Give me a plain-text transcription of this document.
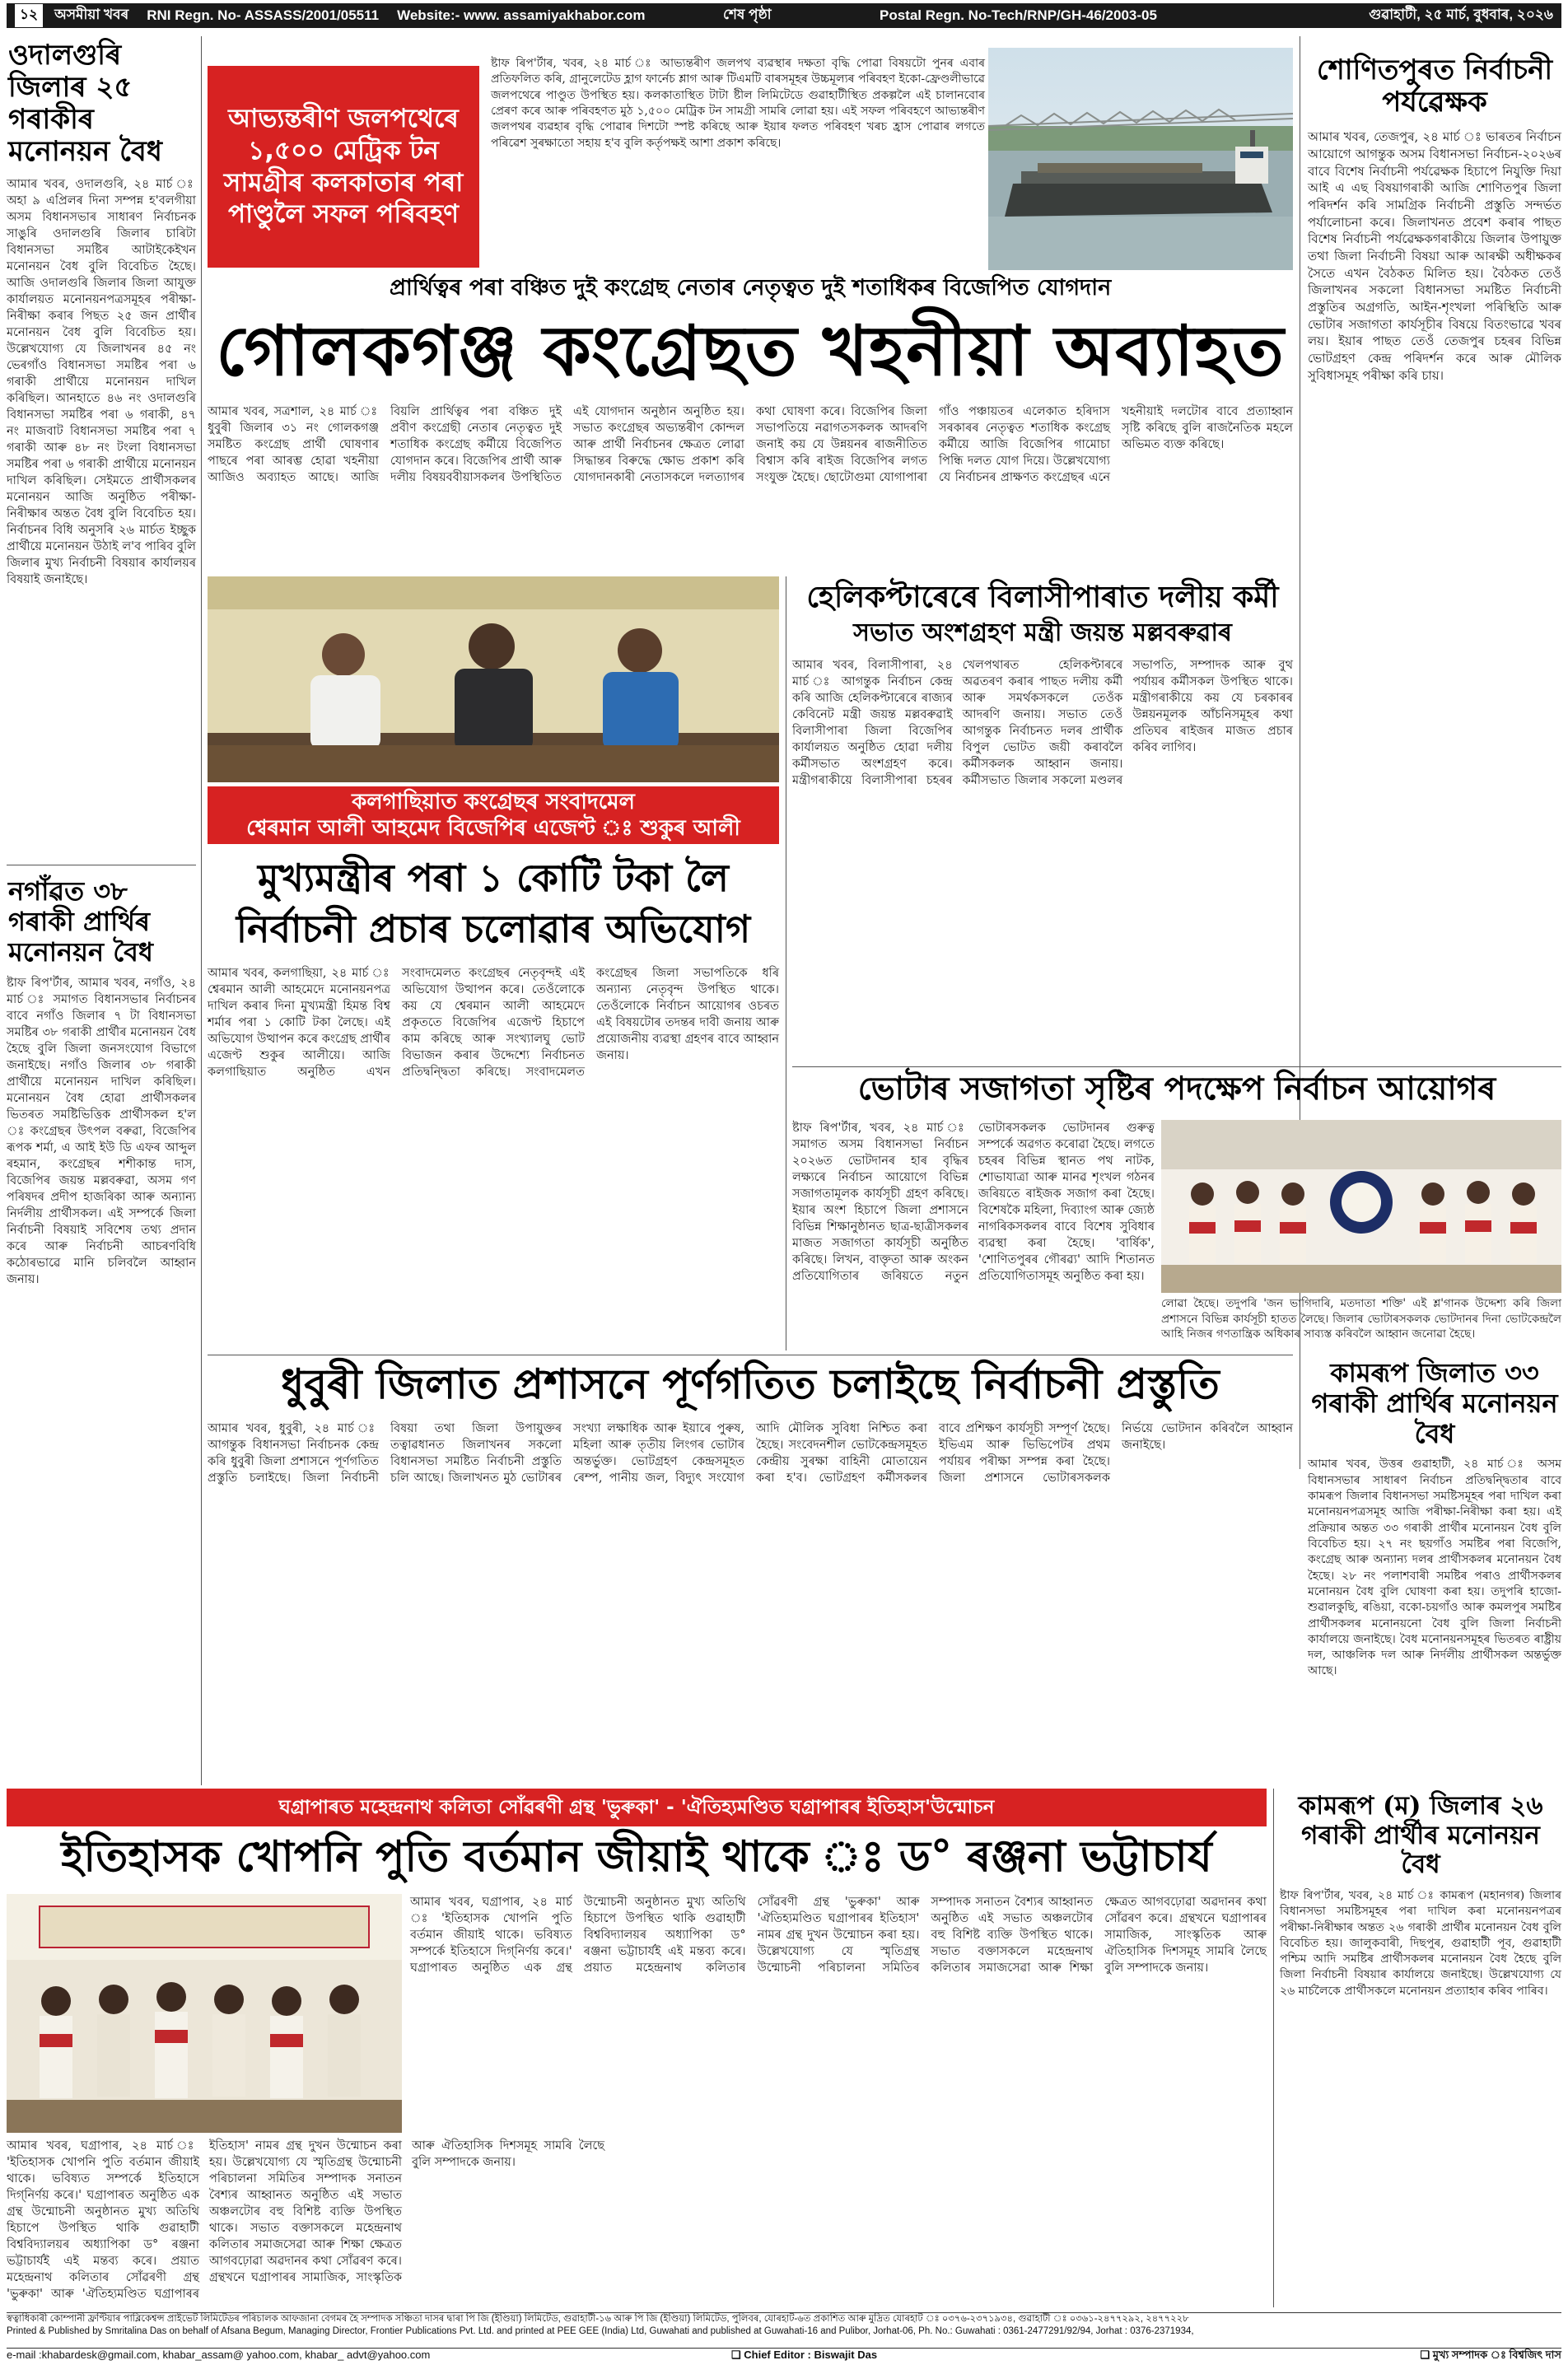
১২	অসমীয়া খবৰ RNI Regn. No- ASSASS/2001/05511 Website:- www. assamiyakhabor.com	শেষ পৃষ্ঠা	Postal Regn. No-Tech/RNP/GH-46/2003-05	গুৱাহাটী, ২৫ মাৰ্চ, বুধবাৰ, ২০২৬
ওদালগুৰি জিলাৰ ২৫ গৰাকীৰ মনোনয়ন বৈধ
আমাৰ খবৰ, ওদালগুৰি, ২৪ মাৰ্চ ঃ অহা ৯ এপ্ৰিলৰ দিনা সম্পন্ন হ'বলগীয়া অসম বিধানসভাৰ সাধাৰণ নিৰ্বাচনক সাঙুৰি ওদালগুৰি জিলাৰ চাৰিটা বিধানসভা সমষ্টিৰ আটাইকেইখন মনোনয়ন বৈধ বুলি বিবেচিত হৈছে। আজি ওদালগুৰি জিলাৰ জিলা আযুক্ত কাৰ্যালয়ত মনোনয়নপত্ৰসমূহৰ পৰীক্ষা-নিৰীক্ষা কৰাৰ পিছত ২৫ জন প্ৰাৰ্থীৰ মনোনয়ন বৈধ বুলি বিবেচিত হয়। উল্লেখযোগ্য যে জিলাখনৰ ৪৫ নং ভেৰগাঁও বিধানসভা সমষ্টিৰ পৰা ৬ গৰাকী প্ৰাৰ্থীয়ে মনোনয়ন দাখিল কৰিছিল। আনহাতে ৪৬ নং ওদালগুৰি বিধানসভা সমষ্টিৰ পৰা ৬ গৰাকী, ৪৭ নং মাজবাট বিধানসভা সমষ্টিৰ পৰা ৭ গৰাকী আৰু ৪৮ নং টংলা বিধানসভা সমষ্টিৰ পৰা ৬ গৰাকী প্ৰাৰ্থীয়ে মনোনয়ন দাখিল কৰিছিল। সেইমতে প্ৰাৰ্থীসকলৰ মনোনয়ন আজি অনুষ্ঠিত পৰীক্ষা-নিৰীক্ষাৰ অন্তত বৈধ বুলি বিবেচিত হয়। নিৰ্বাচনৰ বিধি অনুসৰি ২৬ মাৰ্চত ইচ্ছুক প্ৰাৰ্থীয়ে মনোনয়ন উঠাই ল'ব পাৰিব বুলি জিলাৰ মুখ্য নিৰ্বাচনী বিষয়াৰ কাৰ্যালয়ৰ বিষয়াই জনাইছে।
নগাঁৱত ৩৮ গৰাকী প্ৰাৰ্থিৰ মনোনয়ন বৈধ
ষ্টাফ ৰিপ'ৰ্টাৰ, আমাৰ খবৰ, নগাঁও, ২৪ মাৰ্চ ঃ সমাগত বিধানসভাৰ নিৰ্বাচনৰ বাবে নগাঁও জিলাৰ ৭ টা বিধানসভা সমষ্টিৰ ৩৮ গৰাকী প্ৰাৰ্থীৰ মনোনয়ন বৈধ হৈছে বুলি জিলা জনসংযোগ বিভাগে জনাইছে। নগাঁও জিলাৰ ৩৮ গৰাকী প্ৰাৰ্থীয়ে মনোনয়ন দাখিল কৰিছিল। মনোনয়ন বৈধ হোৱা প্ৰাৰ্থীসকলৰ ভিতৰত সমষ্টিভিত্তিক প্ৰাৰ্থীসকল হ'ল ঃ কংগ্ৰেছৰ উৎপল বৰুৱা, বিজেপিৰ ৰূপক শৰ্মা, এ আই ইউ ডি এফৰ আব্দুল ৰহমান, কংগ্ৰেছৰ শশীকান্ত দাস, বিজেপিৰ জয়ন্ত মল্লবৰুৱা, অসম গণ পৰিষদৰ প্ৰদীপ হাজৰিকা আৰু অন্যান্য নিৰ্দলীয় প্ৰাৰ্থীসকল। এই সম্পৰ্কে জিলা নিৰ্বাচনী বিষয়াই সবিশেষ তথ্য প্ৰদান কৰে আৰু নিৰ্বাচনী আচৰণবিধি কঠোৰভাৱে মানি চলিবলৈ আহ্বান জনায়।
আভ্যন্তৰীণ জলপথেৰে ১,৫০০ মেট্ৰিক টন সামগ্ৰীৰ কলকাতাৰ পৰা পাণ্ডুলৈ সফল পৰিবহণ
ষ্টাফ ৰিপ'ৰ্টাৰ, খবৰ, ২৪ মাৰ্চ ঃ আভ্যন্তৰীণ জলপথ ব্যৱস্থাৰ দক্ষতা বৃদ্ধি পোৱা বিষয়টো পুনৰ এবাৰ প্ৰতিফলিত কৰি, গ্ৰানুলেটেড হ্লাগ ফাৰ্নেচ শ্লাগ আৰু টিএমটি বাৰসমূহৰ উচ্চমূল্যৰ পৰিবহণ ইকো-ফ্ৰেণ্ডলীভাৱে জলপথেৰে পাণ্ডুত উপস্থিত হয়। কলকাতাস্থিত টাটা ষ্টীল লিমিটেডে গুৱাহাটীস্থিত প্ৰকল্পলৈ এই চালানবোৰ প্ৰেৰণ কৰে আৰু পৰিবহণত মুঠ ১,৫০০ মেট্ৰিক টন সামগ্ৰী সামৰি লোৱা হয়। এই সফল পৰিবহণে আভ্যন্তৰীণ জলপথৰ ব্যৱহাৰ বৃদ্ধি পোৱাৰ দিশটো স্পষ্ট কৰিছে আৰু ইয়াৰ ফলত পৰিবহণ খৰচ হ্ৰাস পোৱাৰ লগতে পৰিৱেশ সুৰক্ষাতো সহায় হ'ব বুলি কৰ্তৃপক্ষই আশা প্ৰকাশ কৰিছে।
শোণিতপুৰত নিৰ্বাচনী পৰ্যৱেক্ষক
আমাৰ খবৰ, তেজপুৰ, ২৪ মাৰ্চ ঃ ভাৰতৰ নিৰ্বাচন আয়োগে আগন্তুক অসম বিধানসভা নিৰ্বাচন-২০২৬ৰ বাবে বিশেষ নিৰ্বাচনী পৰ্যৱেক্ষক হিচাপে নিযুক্তি দিয়া আই এ এছ বিষয়াগৰাকী আজি শোণিতপুৰ জিলা পৰিদৰ্শন কৰি সামগ্ৰিক নিৰ্বাচনী প্ৰস্তুতি সন্দৰ্ভত পৰ্যালোচনা কৰে। জিলাখনত প্ৰবেশ কৰাৰ পাছত বিশেষ নিৰ্বাচনী পৰ্যৱেক্ষকগৰাকীয়ে জিলাৰ উপায়ুক্ত তথা জিলা নিৰ্বাচনী বিষয়া আৰু আৰক্ষী অধীক্ষকৰ সৈতে এখন বৈঠকত মিলিত হয়। বৈঠকত তেওঁ জিলাখনৰ সকলো বিধানসভা সমষ্টিত নিৰ্বাচনী প্ৰস্তুতিৰ অগ্ৰগতি, আইন-শৃংখলা পৰিস্থিতি আৰু ভোটাৰ সজাগতা কাৰ্যসূচীৰ বিষয়ে বিতংভাৱে খবৰ লয়। ইয়াৰ পাছত তেওঁ তেজপুৰ চহৰৰ বিভিন্ন ভোটগ্ৰহণ কেন্দ্ৰ পৰিদৰ্শন কৰে আৰু মৌলিক সুবিধাসমূহ পৰীক্ষা কৰি চায়।
প্ৰাৰ্থিত্বৰ পৰা বঞ্চিত দুই কংগ্ৰেছ নেতাৰ নেতৃত্বত দুই শতাধিকৰ বিজেপিত যোগদান
গোলকগঞ্জ কংগ্ৰেছত খহনীয়া অব্যাহত
আমাৰ খবৰ, সত্ৰশাল, ২৪ মাৰ্চ ঃ ধুবুৰী জিলাৰ ৩১ নং গোলকগঞ্জ সমষ্টিত কংগ্ৰেছ প্ৰাৰ্থী ঘোষণাৰ পাছৰে পৰা আৰম্ভ হোৱা খহনীয়া আজিও অব্যাহত আছে। আজি বিয়লি প্ৰাৰ্থিত্বৰ পৰা বঞ্চিত দুই প্ৰবীণ কংগ্ৰেছী নেতাৰ নেতৃত্বত দুই শতাধিক কংগ্ৰেছ কৰ্মীয়ে বিজেপিত যোগদান কৰে। বিজেপিৰ প্ৰাৰ্থী আৰু দলীয় বিষয়ববীয়াসকলৰ উপস্থিতিত এই যোগদান অনুষ্ঠান অনুষ্ঠিত হয়। সভাত কংগ্ৰেছৰ অভ্যন্তৰীণ কোন্দল আৰু প্ৰাৰ্থী নিৰ্বাচনৰ ক্ষেত্ৰত লোৱা সিদ্ধান্তৰ বিৰুদ্ধে ক্ষোভ প্ৰকাশ কৰি যোগদানকাৰী নেতাসকলে দলত্যাগৰ কথা ঘোষণা কৰে। বিজেপিৰ জিলা সভাপতিয়ে নৱাগতসকলক আদৰণি জনাই কয় যে উন্নয়নৰ ৰাজনীতিত বিশ্বাস কৰি ৰাইজ বিজেপিৰ লগত সংযুক্ত হৈছে। ছোটোগুমা যোগাপাৰা গাঁও পঞ্চায়তৰ এলেকাত হৰিদাস সৰকাৰৰ নেতৃত্বত শতাধিক কংগ্ৰেছ কৰ্মীয়ে আজি বিজেপিৰ গামোচা পিন্ধি দলত যোগ দিয়ে। উল্লেখযোগ্য যে নিৰ্বাচনৰ প্ৰাক্ষণত কংগ্ৰেছৰ এনে খহনীয়াই দলটোৰ বাবে প্ৰত্যাহ্বান সৃষ্টি কৰিছে বুলি ৰাজনৈতিক মহলে অভিমত ব্যক্ত কৰিছে।
কলগাছিয়াত কংগ্ৰেছৰ সংবাদমেল
শ্বেৰমান আলী আহমেদ বিজেপিৰ এজেণ্ট ঃ শুকুৰ আলী
মুখ্যমন্ত্ৰীৰ পৰা ১ কোটি টকা লৈ
নিৰ্বাচনী প্ৰচাৰ চলোৱাৰ অভিযোগ
আমাৰ খবৰ, কলগাছিয়া, ২৪ মাৰ্চ ঃ শ্বেৰমান আলী আহমেদে মনোনয়নপত্ৰ দাখিল কৰাৰ দিনা মুখ্যমন্ত্ৰী হিমন্ত বিশ্ব শৰ্মাৰ পৰা ১ কোটি টকা লৈছে। এই অভিযোগ উত্থাপন কৰে কংগ্ৰেছ প্ৰাৰ্থীৰ এজেণ্ট শুকুৰ আলীয়ে। আজি কলগাছিয়াত অনুষ্ঠিত এখন সংবাদমেলত কংগ্ৰেছৰ নেতৃবৃন্দই এই অভিযোগ উত্থাপন কৰে। তেওঁলোকে কয় যে শ্বেৰমান আলী আহমেদে প্ৰকৃততে বিজেপিৰ এজেণ্ট হিচাপে কাম কৰিছে আৰু সংখ্যালঘু ভোট বিভাজন কৰাৰ উদ্দেশ্যে নিৰ্বাচনত প্ৰতিদ্বন্দ্বিতা কৰিছে। সংবাদমেলত কংগ্ৰেছৰ জিলা সভাপতিকে ধৰি অন্যান্য নেতৃবৃন্দ উপস্থিত থাকে। তেওঁলোকে নিৰ্বাচন আয়োগৰ ওচৰত এই বিষয়টোৰ তদন্তৰ দাবী জনায় আৰু প্ৰয়োজনীয় ব্যৱস্থা গ্ৰহণৰ বাবে আহ্বান জনায়।
হেলিকপ্টাৰেৰে বিলাসীপাৰাত দলীয় কৰ্মী
সভাত অংশগ্ৰহণ মন্ত্ৰী জয়ন্ত মল্লবৰুৱাৰ
আমাৰ খবৰ, বিলাসীপাৰা, ২৪ মাৰ্চ ঃ আগন্তুক নিৰ্বাচন কেন্দ্ৰ কৰি আজি হেলিকপ্টাৰেৰে ৰাজ্যৰ কেবিনেট মন্ত্ৰী জয়ন্ত মল্লবৰুৱাই বিলাসীপাৰা জিলা বিজেপিৰ কাৰ্যালয়ত অনুষ্ঠিত হোৱা দলীয় কৰ্মীসভাত অংশগ্ৰহণ কৰে। মন্ত্ৰীগৰাকীয়ে বিলাসীপাৰা চহৰৰ খেলপথাৰত হেলিকপ্টাৰৰে অৱতৰণ কৰাৰ পাছত দলীয় কৰ্মী আৰু সমৰ্থকসকলে তেওঁক আদৰণি জনায়। সভাত তেওঁ আগন্তুক নিৰ্বাচনত দলৰ প্ৰাৰ্থীক বিপুল ভোটত জয়ী কৰাবলৈ কৰ্মীসকলক আহ্বান জনায়। কৰ্মীসভাত জিলাৰ সকলো মণ্ডলৰ সভাপতি, সম্পাদক আৰু বুথ পৰ্যায়ৰ কৰ্মীসকল উপস্থিত থাকে। মন্ত্ৰীগৰাকীয়ে কয় যে চৰকাৰৰ উন্নয়নমূলক আঁচনিসমূহৰ কথা প্ৰতিঘৰ ৰাইজৰ মাজত প্ৰচাৰ কৰিব লাগিব।
ভোটাৰ সজাগতা সৃষ্টিৰ পদক্ষেপ নিৰ্বাচন আয়োগৰ
ষ্টাফ ৰিপ'ৰ্টাৰ, খবৰ, ২৪ মাৰ্চ ঃ সমাগত অসম বিধানসভা নিৰ্বাচন ২০২৬ত ভোটদানৰ হাৰ বৃদ্ধিৰ লক্ষ্যৰে নিৰ্বাচন আয়োগে বিভিন্ন সজাগতামূলক কাৰ্যসূচী গ্ৰহণ কৰিছে। ইয়াৰ অংশ হিচাপে জিলা প্ৰশাসনে বিভিন্ন শিক্ষানুষ্ঠানত ছাত্ৰ-ছাত্ৰীসকলৰ মাজত সজাগতা কাৰ্যসূচী অনুষ্ঠিত কৰিছে। লিখন, বাক্তৃতা আৰু অংকন প্ৰতিযোগিতাৰ জৰিয়তে নতুন ভোটাৰসকলক ভোটদানৰ গুৰুত্ব সম্পৰ্কে অৱগত কৰোৱা হৈছে। লগতে চহৰৰ বিভিন্ন স্থানত পথ নাটক, শোভাযাত্ৰা আৰু মানৱ শৃংখল গঠনৰ জৰিয়তে ৰাইজক সজাগ কৰা হৈছে। বিশেষকৈ মহিলা, দিব্যাংগ আৰু জ্যেষ্ঠ নাগৰিকসকলৰ বাবে বিশেষ সুবিধাৰ ব্যৱস্থা কৰা হৈছে। 'বাৰ্ষিক', 'শোণিতপুৰৰ গৌৰৱ্য' আদি শিতানত প্ৰতিযোগিতাসমূহ অনুষ্ঠিত কৰা হয়।
লোৱা হৈছে। তদুপৰি 'জন ভাগিদাৰি, মতদাতা শক্তি' এই শ্ল'গানক উদ্দেশ্য কৰি জিলা প্ৰশাসনে বিভিন্ন কাৰ্যসূচী হাতত লৈছে। জিলাৰ ভোটাৰসকলক ভোটদানৰ দিনা ভোটকেন্দ্ৰলৈ আহি নিজৰ গণতান্ত্ৰিক অধিকাৰ সাব্যস্ত কৰিবলৈ আহ্বান জনোৱা হৈছে।
ধুবুৰী জিলাত প্ৰশাসনে পূৰ্ণগতিত চলাইছে নিৰ্বাচনী প্ৰস্তুতি
আমাৰ খবৰ, ধুবুৰী, ২৪ মাৰ্চ ঃ আগন্তুক বিধানসভা নিৰ্বাচনক কেন্দ্ৰ কৰি ধুবুৰী জিলা প্ৰশাসনে পূৰ্ণগতিত প্ৰস্তুতি চলাইছে। জিলা নিৰ্বাচনী বিষয়া তথা জিলা উপায়ুক্তৰ তত্বাৱধানত জিলাখনৰ সকলো বিধানসভা সমষ্টিত নিৰ্বাচনী প্ৰস্তুতি চলি আছে। জিলাখনত মুঠ ভোটাৰৰ সংখ্যা লক্ষাধিক আৰু ইয়াৰে পুৰুষ, মহিলা আৰু তৃতীয় লিংগৰ ভোটাৰ অন্তৰ্ভুক্ত। ভোটগ্ৰহণ কেন্দ্ৰসমূহত ৰেম্প, পানীয় জল, বিদ্যুৎ সংযোগ আদি মৌলিক সুবিধা নিশ্চিত কৰা হৈছে। সংবেদনশীল ভোটকেন্দ্ৰসমূহত কেন্দ্ৰীয় সুৰক্ষা বাহিনী মোতায়েন কৰা হ'ব। ভোটগ্ৰহণ কৰ্মীসকলৰ বাবে প্ৰশিক্ষণ কাৰ্যসূচী সম্পূৰ্ণ হৈছে। ইভিএম আৰু ভিভিপেটৰ প্ৰথম পৰ্যায়ৰ পৰীক্ষা সম্পন্ন কৰা হৈছে। জিলা প্ৰশাসনে ভোটাৰসকলক নিৰ্ভয়ে ভোটদান কৰিবলৈ আহ্বান জনাইছে।
কামৰূপ জিলাত ৩৩ গৰাকী প্ৰাৰ্থিৰ মনোনয়ন বৈধ
আমাৰ খবৰ, উত্তৰ গুৱাহাটী, ২৪ মাৰ্চ ঃ অসম বিধানসভাৰ সাধাৰণ নিৰ্বাচন প্ৰতিদ্বন্দ্বিতাৰ বাবে কামৰূপ জিলাৰ বিধানসভা সমষ্টিসমূহৰ পৰা দাখিল কৰা মনোনয়নপত্ৰসমূহ আজি পৰীক্ষা-নিৰীক্ষা কৰা হয়। এই প্ৰক্ৰিয়াৰ অন্তত ৩৩ গৰাকী প্ৰাৰ্থীৰ মনোনয়ন বৈধ বুলি বিবেচিত হয়। ২৭ নং ছয়গাঁও সমষ্টিৰ পৰা বিজেপি, কংগ্ৰেছ আৰু অন্যান্য দলৰ প্ৰাৰ্থীসকলৰ মনোনয়ন বৈধ হৈছে। ২৮ নং পলাশবাৰী সমষ্টিৰ পৰাও প্ৰাৰ্থীসকলৰ মনোনয়ন বৈধ বুলি ঘোষণা কৰা হয়। তদুপৰি হাজো-শুৱালকুছি, ৰঙিয়া, বকো-চয়গাঁও আৰু কমলপুৰ সমষ্টিৰ প্ৰাৰ্থীসকলৰ মনোনয়নো বৈধ বুলি জিলা নিৰ্বাচনী কাৰ্যালয়ে জনাইছে। বৈধ মনোনয়নসমূহৰ ভিতৰত ৰাষ্ট্ৰীয় দল, আঞ্চলিক দল আৰু নিৰ্দলীয় প্ৰাৰ্থীসকল অন্তৰ্ভুক্ত আছে।
ঘগ্ৰাপাৰত মহেন্দ্ৰনাথ কলিতা সোঁৱৰণী গ্ৰন্থ 'ভুৰুকা' - 'ঐতিহ্যমণ্ডিত ঘগ্ৰাপাৰৰ ইতিহাস'উন্মোচন
ইতিহাসক খোপনি পুতি বৰ্তমান জীয়াই থাকে ঃ ড° ৰঞ্জনা ভট্টাচাৰ্য
আমাৰ খবৰ, ঘগ্ৰাপাৰ, ২৪ মাৰ্চ ঃ 'ইতিহাসক খোপনি পুতি বৰ্তমান জীয়াই থাকে। ভবিষ্যত সম্পৰ্কে ইতিহাসে দিগ্‌নিৰ্ণয় কৰে।' ঘগ্ৰাপাৰত অনুষ্ঠিত এক গ্ৰন্থ উন্মোচনী অনুষ্ঠানত মুখ্য অতিথি হিচাপে উপস্থিত থাকি গুৱাহাটী বিশ্ববিদ্যালয়ৰ অধ্যাপিকা ড° ৰঞ্জনা ভট্টাচাৰ্যই এই মন্তব্য কৰে। প্ৰয়াত মহেন্দ্ৰনাথ কলিতাৰ সোঁৱৰণী গ্ৰন্থ 'ভুৰুকা' আৰু 'ঐতিহ্যমণ্ডিত ঘগ্ৰাপাৰৰ ইতিহাস' নামৰ গ্ৰন্থ দুখন উন্মোচন কৰা হয়। উল্লেখযোগ্য যে স্মৃতিগ্ৰন্থ উন্মোচনী পৰিচালনা সমিতিৰ সম্পাদক সনাতন বৈশ্যৰ আহ্বানত অনুষ্ঠিত এই সভাত অঞ্চলটোৰ বহু বিশিষ্ট ব্যক্তি উপস্থিত থাকে। সভাত বক্তাসকলে মহেন্দ্ৰনাথ কলিতাৰ সমাজসেৱা আৰু শিক্ষা ক্ষেত্ৰত আগবঢ়োৱা অৱদানৰ কথা সোঁৱৰণ কৰে। গ্ৰন্থখনে ঘগ্ৰাপাৰৰ সামাজিক, সাংস্কৃতিক আৰু ঐতিহাসিক দিশসমূহ সামৰি লৈছে বুলি সম্পাদকে জনায়।
আমাৰ খবৰ, ঘগ্ৰাপাৰ, ২৪ মাৰ্চ ঃ 'ইতিহাসক খোপনি পুতি বৰ্তমান জীয়াই থাকে। ভবিষ্যত সম্পৰ্কে ইতিহাসে দিগ্‌নিৰ্ণয় কৰে।' ঘগ্ৰাপাৰত অনুষ্ঠিত এক গ্ৰন্থ উন্মোচনী অনুষ্ঠানত মুখ্য অতিথি হিচাপে উপস্থিত থাকি গুৱাহাটী বিশ্ববিদ্যালয়ৰ অধ্যাপিকা ড° ৰঞ্জনা ভট্টাচাৰ্যই এই মন্তব্য কৰে। প্ৰয়াত মহেন্দ্ৰনাথ কলিতাৰ সোঁৱৰণী গ্ৰন্থ 'ভুৰুকা' আৰু 'ঐতিহ্যমণ্ডিত ঘগ্ৰাপাৰৰ ইতিহাস' নামৰ গ্ৰন্থ দুখন উন্মোচন কৰা হয়। উল্লেখযোগ্য যে স্মৃতিগ্ৰন্থ উন্মোচনী পৰিচালনা সমিতিৰ সম্পাদক সনাতন বৈশ্যৰ আহ্বানত অনুষ্ঠিত এই সভাত অঞ্চলটোৰ বহু বিশিষ্ট ব্যক্তি উপস্থিত থাকে। সভাত বক্তাসকলে মহেন্দ্ৰনাথ কলিতাৰ সমাজসেৱা আৰু শিক্ষা ক্ষেত্ৰত আগবঢ়োৱা অৱদানৰ কথা সোঁৱৰণ কৰে। গ্ৰন্থখনে ঘগ্ৰাপাৰৰ সামাজিক, সাংস্কৃতিক আৰু ঐতিহাসিক দিশসমূহ সামৰি লৈছে বুলি সম্পাদকে জনায়।
কামৰূপ (ম) জিলাৰ ২৬ গৰাকী প্ৰাৰ্থীৰ মনোনয়ন বৈধ
ষ্টাফ ৰিপ'ৰ্টাৰ, খবৰ, ২৪ মাৰ্চ ঃ কামৰূপ (মহানগৰ) জিলাৰ বিধানসভা সমষ্টিসমূহৰ পৰা দাখিল কৰা মনোনয়নপত্ৰৰ পৰীক্ষা-নিৰীক্ষাৰ অন্তত ২৬ গৰাকী প্ৰাৰ্থীৰ মনোনয়ন বৈধ বুলি বিবেচিত হয়। জালুকবাৰী, দিছপুৰ, গুৱাহাটী পূব, গুৱাহাটী পশ্চিম আদি সমষ্টিৰ প্ৰাৰ্থীসকলৰ মনোনয়ন বৈধ হৈছে বুলি জিলা নিৰ্বাচনী বিষয়াৰ কাৰ্যালয়ে জনাইছে। উল্লেখযোগ্য যে ২৬ মাৰ্চলৈকে প্ৰাৰ্থীসকলে মনোনয়ন প্ৰত্যাহাৰ কৰিব পাৰিব।
স্বত্বাধিকাৰী কোম্পানী ফ্ৰণ্টিয়াৰ পাব্লিকেশ্বন্স প্ৰাইভেট লিমিটেডৰ পৰিচালক আফজানা বেগমৰ হৈ সম্পাদক সঞ্চিতা দাসৰ দ্বাৰা পি জি (ইণ্ডিয়া) লিমিটেড, গুৱাহাটী-১৬ আৰু পি জি (ইণ্ডিয়া) লিমিটেড, পুলিবৰ, যোৰহাট-৬ত প্ৰকাশিত আৰু মুদ্ৰিত যোৰহাট ঃ ০৩৭৬-২৩৭১৯৩৪, গুৱাহাটী ঃ ০৩৬১-২৪৭৭২৯২, ২৪৭৭২২৮
Printed & Published by Smritalina Das on behalf of Afsana Begum, Managing Director, Frontier Publications Pvt. Ltd. and printed at PEE GEE (India) Ltd, Guwahati and published at Guwahati-16 and Pulibor, Jorhat-06, Ph. No.: Guwahati : 0361-2477291/92/94, Jorhat : 0376-2371934,
e-mail :khabardesk@gmail.com, khabar_assam@ yahoo.com, khabar_ advt@yahoo.com	❑ Chief Editor : Biswajit Das	❑ মুখ্য সম্পাদক ঃ বিশ্বজিৎ দাস
